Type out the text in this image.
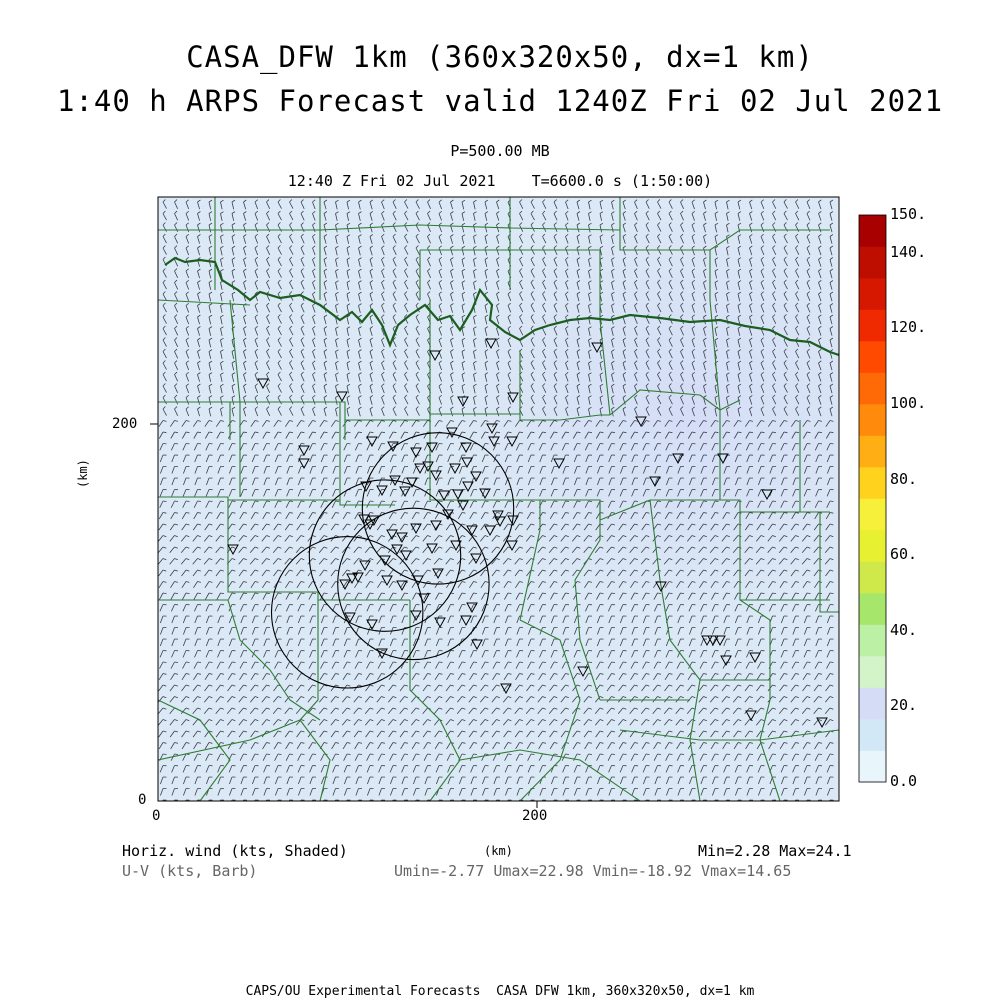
CASA_DFW 1km (360x320x50, dx=1 km)
1:40 h ARPS Forecast valid 1240Z Fri 02 Jul 2021
P=500.00 MB
12:40 Z Fri 02 Jul 2021    T=6600.0 s (1:50:00)
(km)
200
0
0	200
(km)
Horiz. wind (kts, Shaded)
U-V (kts, Barb)
Min=2.28 Max=24.1
Umin=-2.77 Umax=22.98 Vmin=-18.92 Vmax=14.65
CAPS/OU Experimental Forecasts  CASA DFW 1km, 360x320x50, dx=1 km
150.
140.
120.
100.
80.
60.
40.
20.
0.0
